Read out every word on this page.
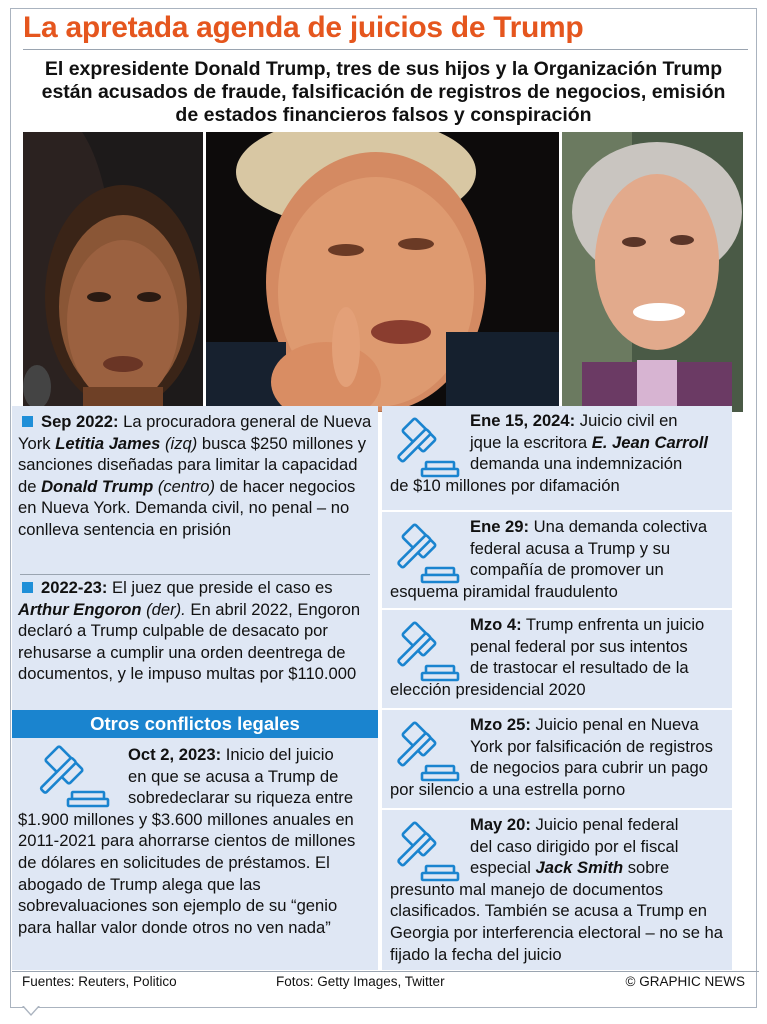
La apretada agenda de juicios de Trump
El expresidente Donald Trump, tres de sus hijos y la Organización Trump están acusados de fraude, falsificación de registros de negocios, emisión de estados financieros falsos y conspiración

Sep 2022: La procuradora general de Nueva York Letitia James (izq) busca $250 millones y sanciones diseñadas para limitar la capacidad de Donald Trump (centro) de hacer negocios en Nueva York. Demanda civil, no penal – no conlleva sentencia en prisión

2022-23: El juez que preside el caso es Arthur Engoron (der). En abril 2022, Engoron declaró a Trump culpable de desacato por rehusarse a cumplir una orden deentrega de documentos, y le impuso multas por $110.000

Otros conflictos legales

Oct 2, 2023: Inicio del juicio
en que se acusa a Trump de
sobredeclarar su riqueza entre
$1.900 millones y $3.600 millones anuales en 2011-2021 para ahorrarse cientos de millones de dólares en solicitudes de préstamos. El abogado de Trump alega que las sobrevaluaciones son ejemplo de su “genio para hallar valor donde otros no ven nada”

Ene 15, 2024: Juicio civil en
jque la escritora E. Jean Carroll
demanda una indemnización
de $10 millones por difamación

Ene 29: Una demanda colectiva
federal acusa a Trump y su
compañía de promover un
esquema piramidal fraudulento

Mzo 4: Trump enfrenta un juicio
penal federal por sus intentos
de trastocar el resultado de la
elección presidencial 2020

Mzo 25: Juicio penal en Nueva
York por falsificación de registros
de negocios para cubrir un pago
por silencio a una estrella porno

May 20: Juicio penal federal
del caso dirigido por el fiscal
especial Jack Smith sobre
presunto mal manejo de documentos clasificados. También se acusa a Trump en Georgia por interferencia electoral – no se ha fijado la fecha del juicio

Fuentes: Reuters, Politico	Fotos: Getty Images, Twitter	© GRAPHIC NEWS
